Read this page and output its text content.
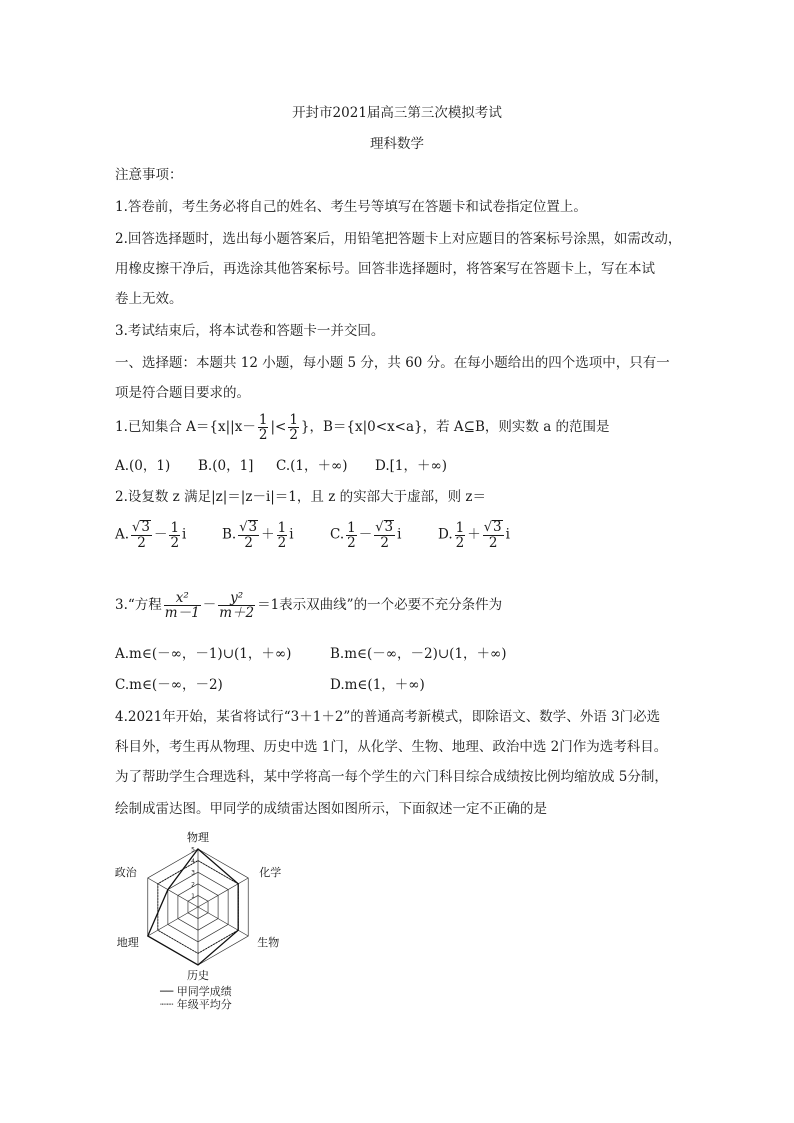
开封市2021届高三第三次模拟考试
理科数学
注意事项：
1.答卷前，考生务必将自己的姓名、考生号等填写在答题卡和试卷指定位置上。
2.回答选择题时，选出每小题答案后，用铅笔把答题卡上对应题目的答案标号涂黑，如需改动，
用橡皮擦干净后，再选涂其他答案标号。回答非选择题时，将答案写在答题卡上，写在本试
卷上无效。
3.考试结束后，将本试卷和答题卡一并交回。
一、选择题：本题共 12 小题，每小题 5 分，共 60 分。在每小题给出的四个选项中，只有一
项是符合题目要求的。
1.已知集合 $A=\{x||x- \frac{1}{2}$ |< $\frac{1}{2}$ }，B＝{x|0<x<a}，若 A⊆B，则实数 a 的范围是
A.(0，1) B.(0，1] C.(1，＋∞) D.[1，＋∞)
2.设复数 z 满足|z|＝|z－i|＝1，且 z 的实部大于虚部，则 z＝
A. $\frac{√3}{2} - \frac{1}{2}$ i	B. $\frac{√3}{2} + \frac{1}{2}$ i	C. $\frac{1}{2} - \frac{√3}{2}$ i	D. $\frac{1}{2} + \frac{√3}{2}$ i
3.“方程 $\frac{\text{x²}}{m-1} - \frac{\text{y²}}{m+2} =1$表示双曲线”的一个必要不充分条件为
A.m∈(－∞，－1)∪(1，＋∞)	B.m∈(－∞，－2)∪(1，＋∞)
C.m∈(－∞，－2)	D.m∈(1，＋∞)
4.2021年开始，某省将试行“3＋1＋2”的普通高考新模式，即除语文、数学、外语 3门必选
科目外，考生再从物理、历史中选 1门，从化学、生物、地理、政治中选 2门作为选考科目。
为了帮助学生合理选科，某中学将高一每个学生的六门科目综合成绩按比例均缩放成 5分制，
绘制成雷达图。甲同学的成绩雷达图如图所示，下面叙述一定不正确的是
1
2
3
4
5
物理
化学
生物
历史
地理
政治
── 甲同学成绩
┈┈ 年级平均分
